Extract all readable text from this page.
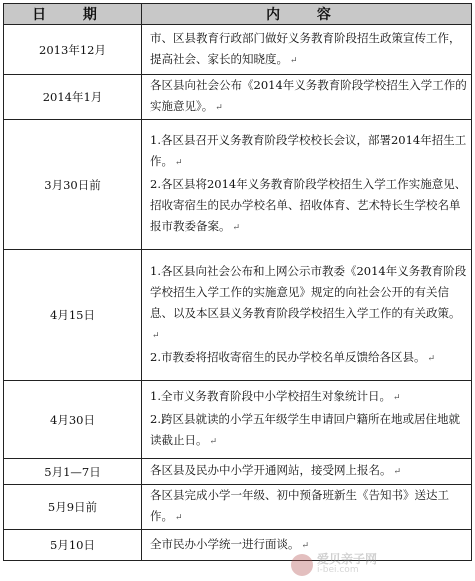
日 期	内 容
2013年12月	市、区县教育行政部门做好义务教育阶段招生政策宣传工作，提高社会、家长的知晓度。 ↵

2014年1月	各区县向社会公布《2014年义务教育阶段学校招生入学工作的实施意见》。 ↵

3月30日前	1.各区县召开义务教育阶段学校校长会议，部署2014年招生工作。 ↵
2.各区县将2014年义务教育阶段学校招生入学工作实施意见、招收寄宿生的民办学校名单、招收体育、艺术特长生学校名单报市教委备案。 ↵

4月15日	1.各区县向社会公布和上网公示市教委《2014年义务教育阶段学校招生入学工作的实施意见》规定的向社会公开的有关信息、以及本区县义务教育阶段学校招生入学工作的有关政策。↵
2.市教委将招收寄宿生的民办学校名单反馈给各区县。 ↵

4月30日	1.全市义务教育阶段中小学校招生对象统计日。 ↵
2.跨区县就读的小学五年级学生申请回户籍所在地或居住地就读截止日。 ↵

5月1—7日	各区县及民办中小学开通网站，接受网上报名。 ↵

5月9日前	各区县完成小学一年级、初中预备班新生《告知书》送达工作。 ↵

5月10日	全市民办小学统一进行面谈。 ↵
爱贝亲子网
i-bei.com
